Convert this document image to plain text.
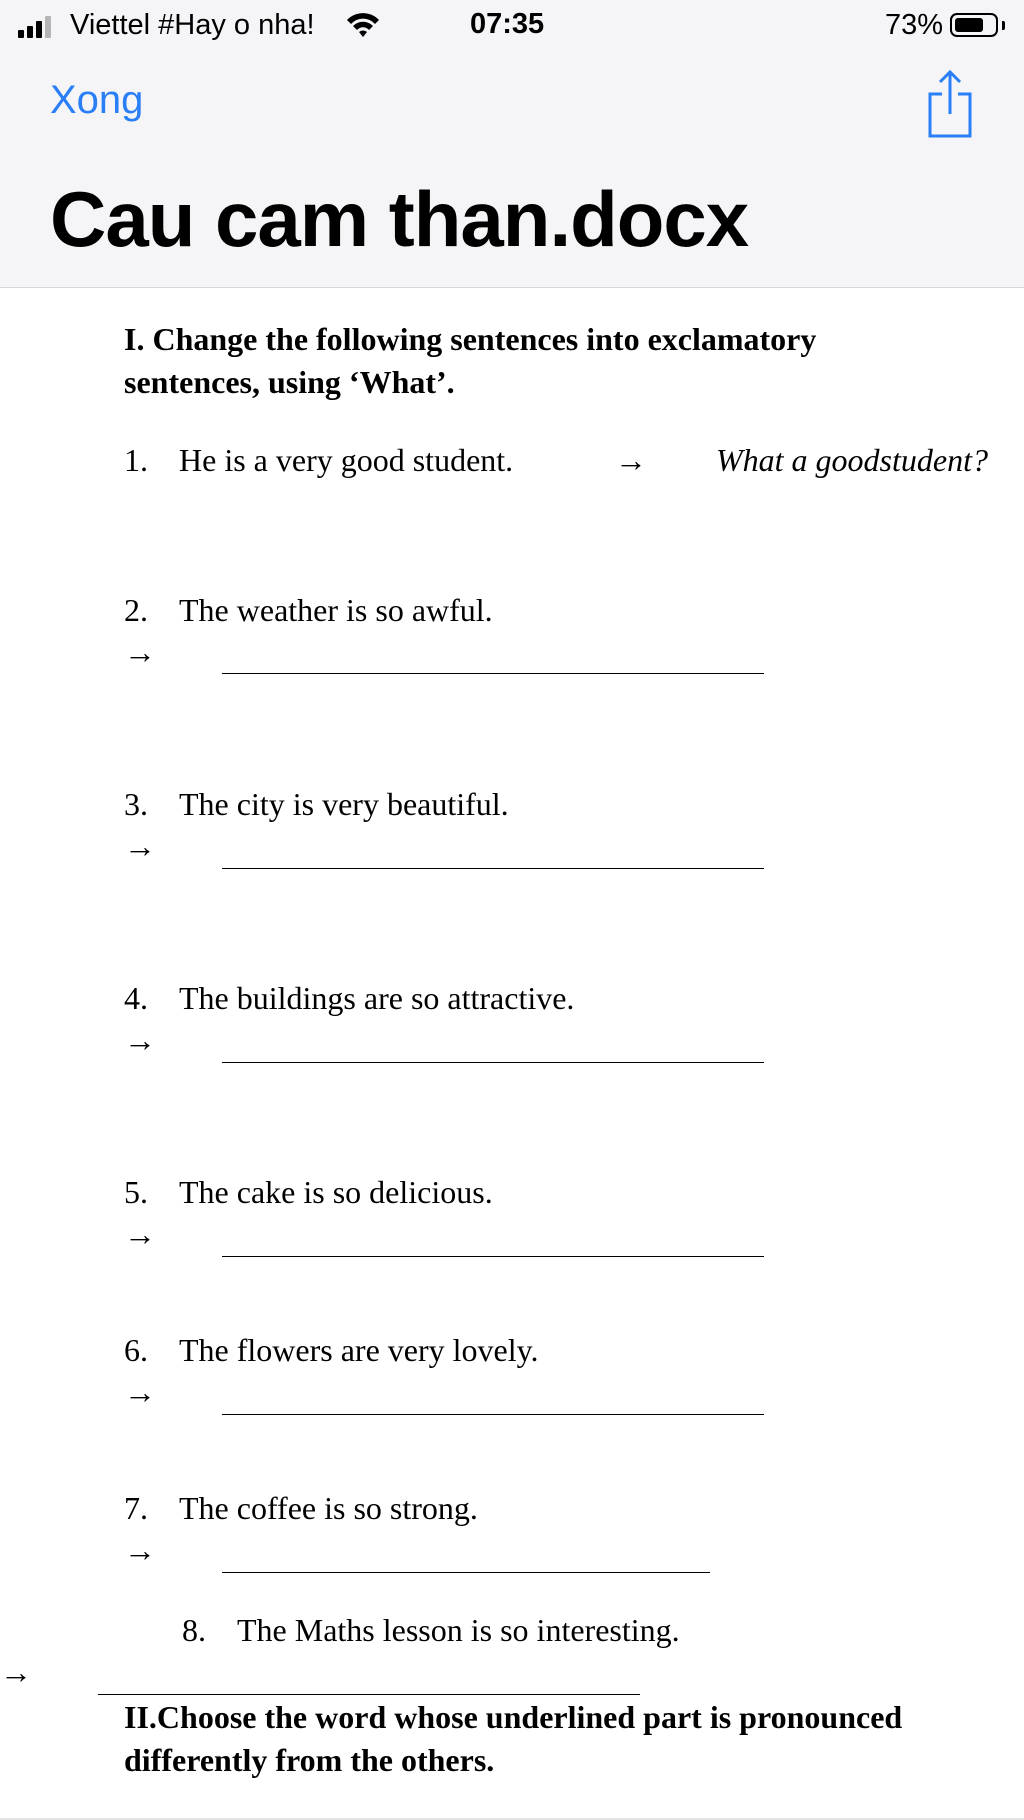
Viettel #Hay o nha!	07:35	73%
Xong
Cau cam than.docx

I. Change the following sentences into exclamatory sentences, using ‘What’.

1. He is a very good student.	→ What a goodstudent?
2. The weather is so awful.
→
3. The city is very beautiful.
→
4. The buildings are so attractive.
→
5. The cake is so delicious.
→
6. The flowers are very lovely.
→
7. The coffee is so strong.
→
8. The Maths lesson is so interesting.
→

II.Choose the word whose underlined part is pronounced differently from the others.
